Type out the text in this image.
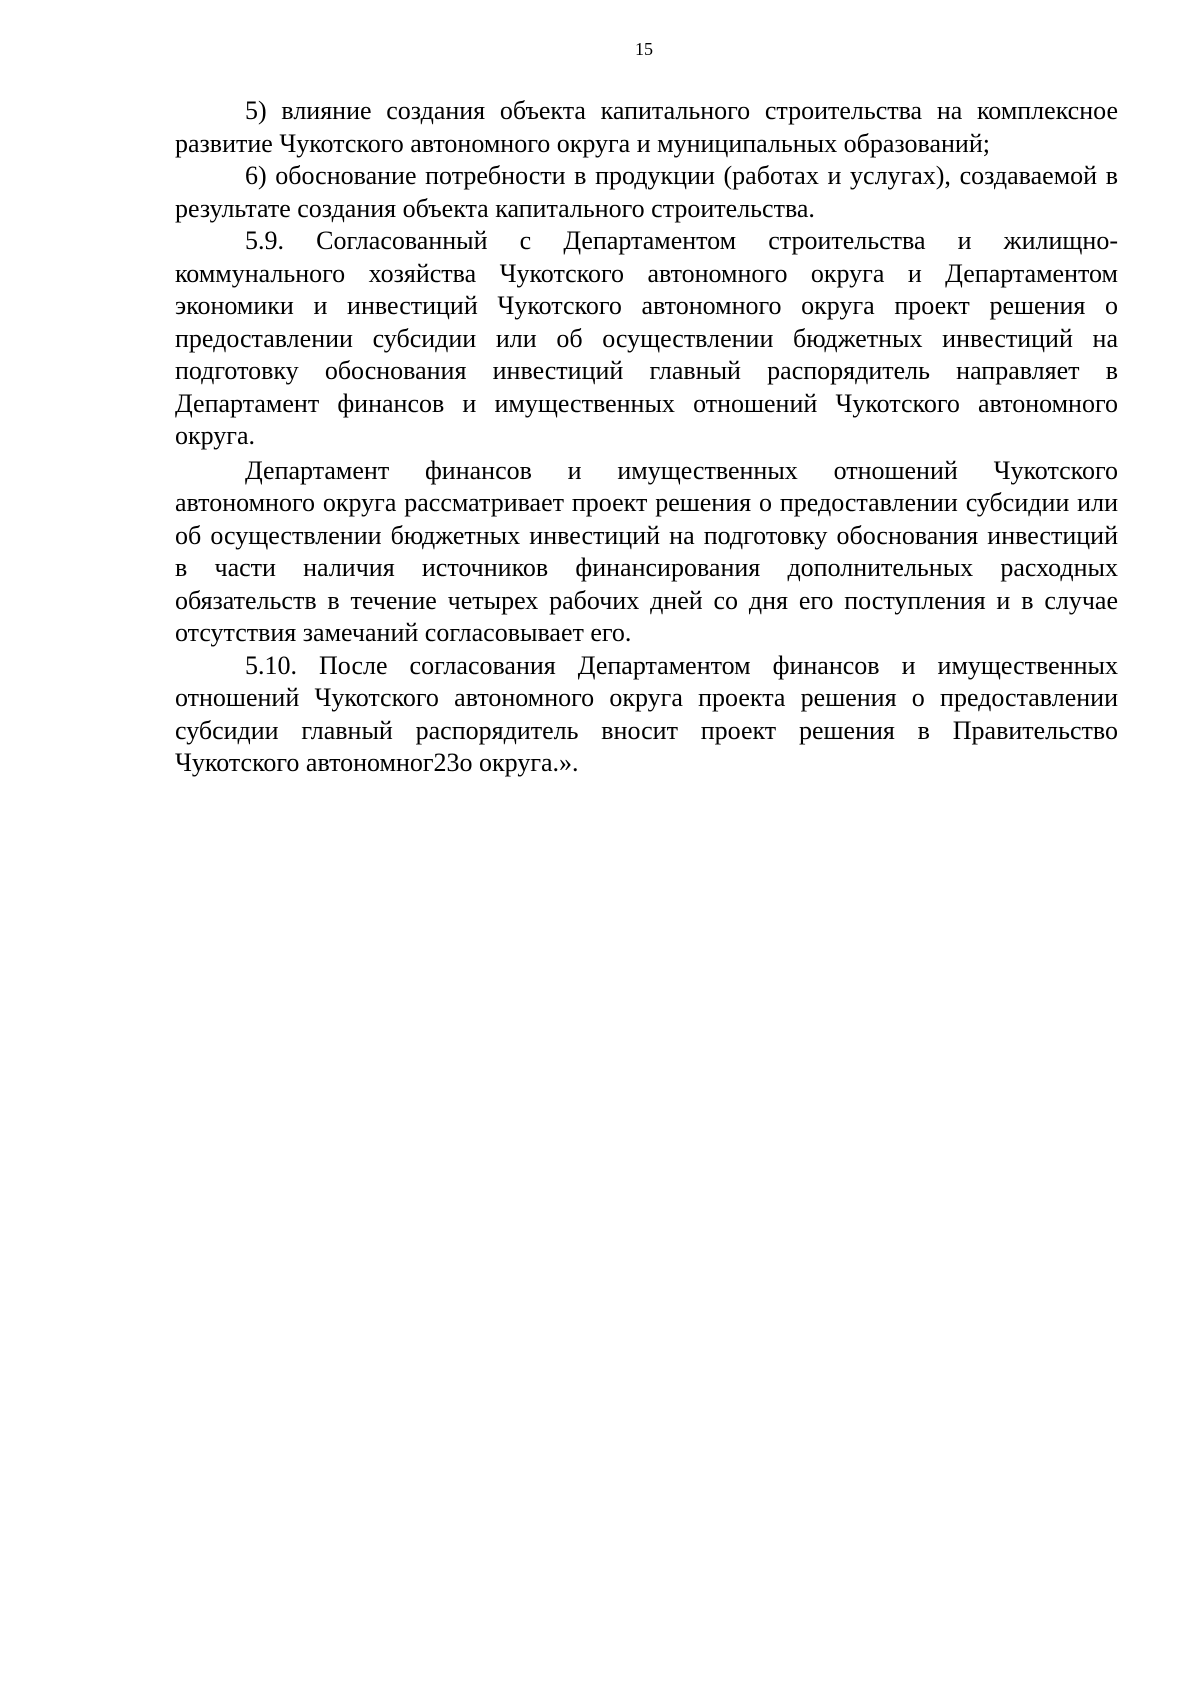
15

5) влияние создания объекта капитального строительства на комплексное развитие Чукотского автономного округа и муниципальных образований;

6) обоснование потребности в продукции (работах и услугах), создаваемой в результате создания объекта капитального строительства.

5.9. Согласованный с Департаментом строительства и жилищно-коммунального хозяйства Чукотского автономного округа и Департаментом экономики и инвестиций Чукотского автономного округа проект решения о предоставлении субсидии или об осуществлении бюджетных инвестиций на подготовку обоснования инвестиций главный распорядитель направляет в Департамент финансов и имущественных отношений Чукотского автономного округа.

Департамент финансов и имущественных отношений Чукотского автономного округа рассматривает проект решения о предоставлении субсидии или об осуществлении бюджетных инвестиций на подготовку обоснования инвестиций в части наличия источников финансирования дополнительных расходных обязательств в течение четырех рабочих дней со дня его поступления и в случае отсутствия замечаний согласовывает его.

5.10. После согласования Департаментом финансов и имущественных отношений Чукотского автономного округа проекта решения о предоставлении субсидии главный распорядитель вносит проект решения в Правительство Чукотского автономног23о округа.».
